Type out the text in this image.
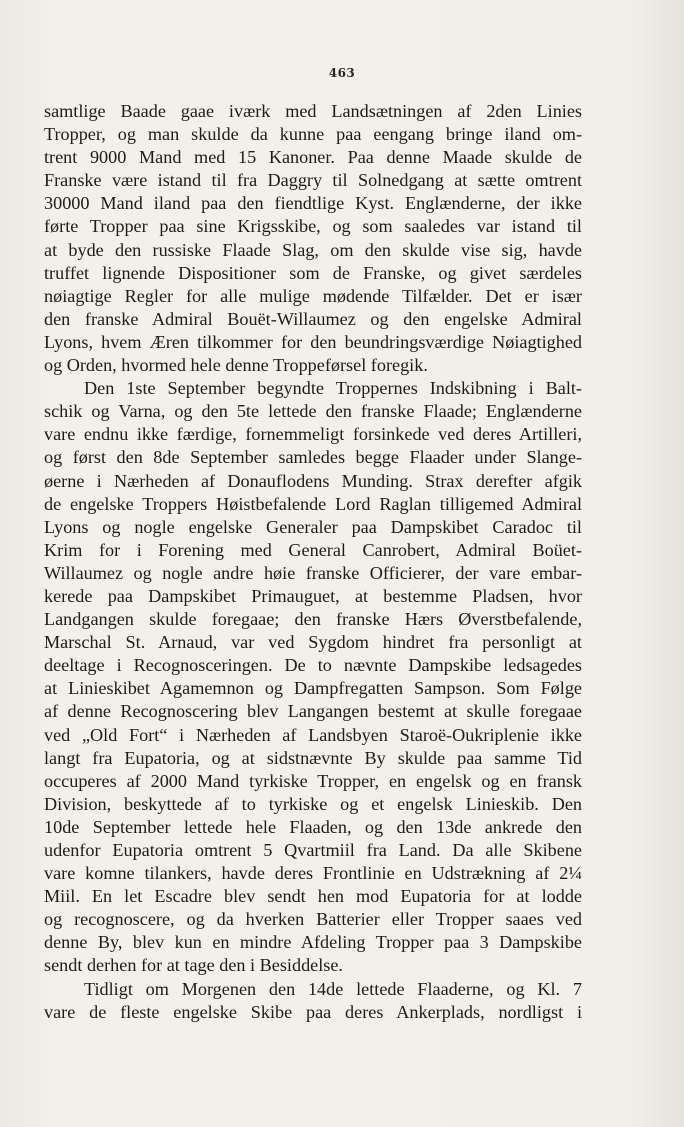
463
samtlige Baade gaae iværk med Landsætningen af 2den Linies
Tropper, og man skulde da kunne paa eengang bringe iland om-
trent 9000 Mand med 15 Kanoner. Paa denne Maade skulde de
Franske være istand til fra Daggry til Solnedgang at sætte omtrent
30000 Mand iland paa den fiendtlige Kyst. Englænderne, der ikke
førte Tropper paa sine Krigsskibe, og som saaledes var istand til
at byde den russiske Flaade Slag, om den skulde vise sig, havde
truffet lignende Dispositioner som de Franske, og givet særdeles
nøiagtige Regler for alle mulige mødende Tilfælder. Det er især
den franske Admiral Bouët-Willaumez og den engelske Admiral
Lyons, hvem Æren tilkommer for den beundringsværdige Nøiagtighed
og Orden, hvormed hele denne Troppeførsel foregik.
Den 1ste September begyndte Troppernes Indskibning i Balt-
schik og Varna, og den 5te lettede den franske Flaade; Englænderne
vare endnu ikke færdige, fornemmeligt forsinkede ved deres Artilleri,
og først den 8de September samledes begge Flaader under Slange-
øerne i Nærheden af Donauflodens Munding. Strax derefter afgik
de engelske Troppers Høistbefalende Lord Raglan tilligemed Admiral
Lyons og nogle engelske Generaler paa Dampskibet Caradoc til
Krim for i Forening med General Canrobert, Admiral Boüet-
Willaumez og nogle andre høie franske Officierer, der vare embar-
kerede paa Dampskibet Primauguet, at bestemme Pladsen, hvor
Landgangen skulde foregaae; den franske Hærs Øverstbefalende,
Marschal St. Arnaud, var ved Sygdom hindret fra personligt at
deeltage i Recognosceringen. De to nævnte Dampskibe ledsagedes
at Linieskibet Agamemnon og Dampfregatten Sampson. Som Følge
af denne Recognoscering blev Langangen bestemt at skulle foregaae
ved „Old Fort“ i Nærheden af Landsbyen Staroë-Oukriplenie ikke
langt fra Eupatoria, og at sidstnævnte By skulde paa samme Tid
occuperes af 2000 Mand tyrkiske Tropper, en engelsk og en fransk
Division, beskyttede af to tyrkiske og et engelsk Linieskib. Den
10de September lettede hele Flaaden, og den 13de ankrede den
udenfor Eupatoria omtrent 5 Qvartmiil fra Land. Da alle Skibene
vare komne tilankers, havde deres Frontlinie en Udstrækning af 2¼
Miil. En let Escadre blev sendt hen mod Eupatoria for at lodde
og recognoscere, og da hverken Batterier eller Tropper saaes ved
denne By, blev kun en mindre Afdeling Tropper paa 3 Dampskibe
sendt derhen for at tage den i Besiddelse.
Tidligt om Morgenen den 14de lettede Flaaderne, og Kl. 7
vare de fleste engelske Skibe paa deres Ankerplads, nordligst i
